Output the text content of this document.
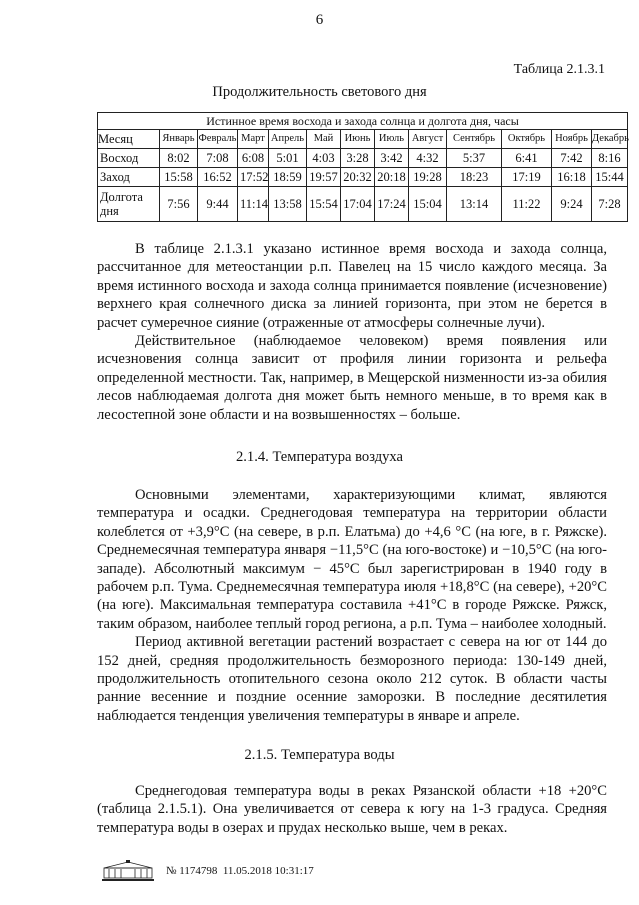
6
Таблица 2.1.3.1
Продолжительность светового дня
Истинное время восхода и захода солнца и долгота дня, часы												
Месяц	Январь	Февраль	Март	Апрель	Май	Июнь	Июль	Август	Сентябрь	Октябрь	Ноябрь	Декабрь
Восход	8:02	7:08	6:08	5:01	4:03	3:28	3:42	4:32	5:37	6:41	7:42	8:16
Заход	15:58	16:52	17:52	18:59	19:57	20:32	20:18	19:28	18:23	17:19	16:18	15:44
Долгота дня	7:56	9:44	11:14	13:58	15:54	17:04	17:24	15:04	13:14	11:22	9:24	7:28

В таблице 2.1.3.1 указано истинное время восхода и захода солнца, рассчитанное для метеостанции р.п. Павелец на 15 число каждого месяца. За время истинного восхода и захода солнца принимается появление (исчезновение) верхнего края солнечного диска за линией горизонта, при этом не берется в расчет сумеречное сияние (отраженные от атмосферы солнечные лучи).

Действительное (наблюдаемое человеком) время появления или исчезновения солнца зависит от профиля линии горизонта и рельефа определенной местности. Так, например, в Мещерской низменности из-за обилия лесов наблюдаемая долгота дня может быть немного меньше, в то время как в лесостепной зоне области и на возвышенностях – больше.

2.1.4. Температура воздуха

Основными элементами, характеризующими климат, являются температура и осадки. Среднегодовая температура на территории области колеблется от +3,9°С (на севере, в р.п. Елатьма) до +4,6 °С (на юге, в г. Ряжске). Среднемесячная температура января −11,5°С (на юго-востоке) и −10,5°С (на юго-западе). Абсолютный максимум − 45°С был зарегистрирован в 1940 году в рабочем р.п. Тума. Среднемесячная температура июля +18,8°С (на севере), +20°С (на юге). Максимальная температура составила +41°С в городе Ряжске. Ряжск, таким образом, наиболее теплый город региона, а р.п. Тума – наиболее холодный.

Период активной вегетации растений возрастает с севера на юг от 144 до 152 дней, средняя продолжительность безморозного периода: 130-149 дней, продолжительность отопительного сезона около 212 суток. В области часты ранние весенние и поздние осенние заморозки. В последние десятилетия наблюдается тенденция увеличения температуры в январе и апреле.

2.1.5. Температура воды

Среднегодовая температура воды в реках Рязанской области +18 +20°С (таблица 2.1.5.1). Она увеличивается от севера к югу на 1-3 градуса. Средняя температура воды в озерах и прудах несколько выше, чем в реках.

№ 1174798 11.05.2018 10:31:17
